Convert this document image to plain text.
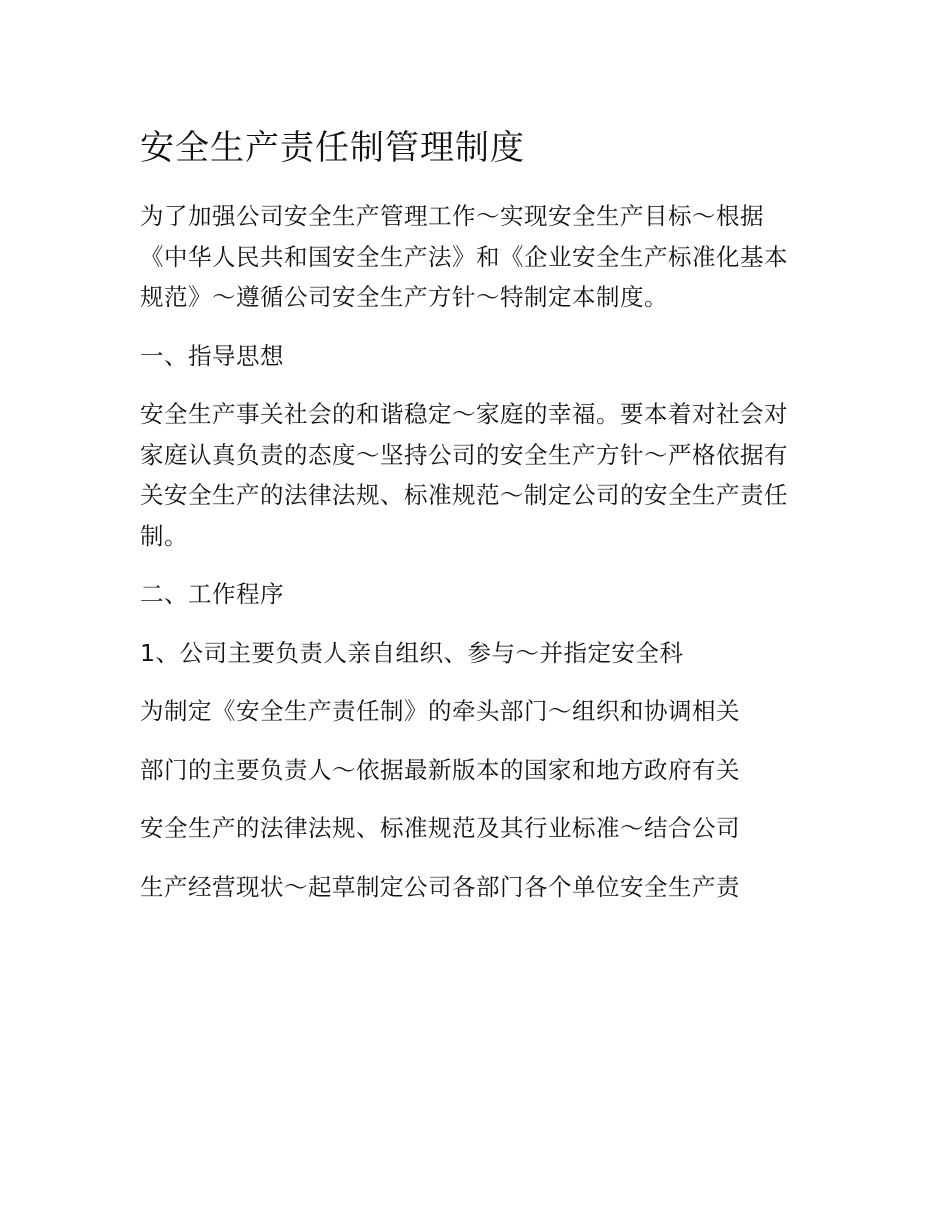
安全生产责任制管理制度

为了加强公司安全生产管理工作～实现安全生产目标～根据《中华人民共和国安全生产法》和《企业安全生产标准化基本规范》～遵循公司安全生产方针～特制定本制度。

一、指导思想

安全生产事关社会的和谐稳定～家庭的幸福。要本着对社会对家庭认真负责的态度～坚持公司的安全生产方针～严格依据有关安全生产的法律法规、标准规范～制定公司的安全生产责任制。

二、工作程序

1、公司主要负责人亲自组织、参与～并指定安全科

为制定《安全生产责任制》的牵头部门～组织和协调相关

部门的主要负责人～依据最新版本的国家和地方政府有关

安全生产的法律法规、标准规范及其行业标准～结合公司

生产经营现状～起草制定公司各部门各个单位安全生产责
